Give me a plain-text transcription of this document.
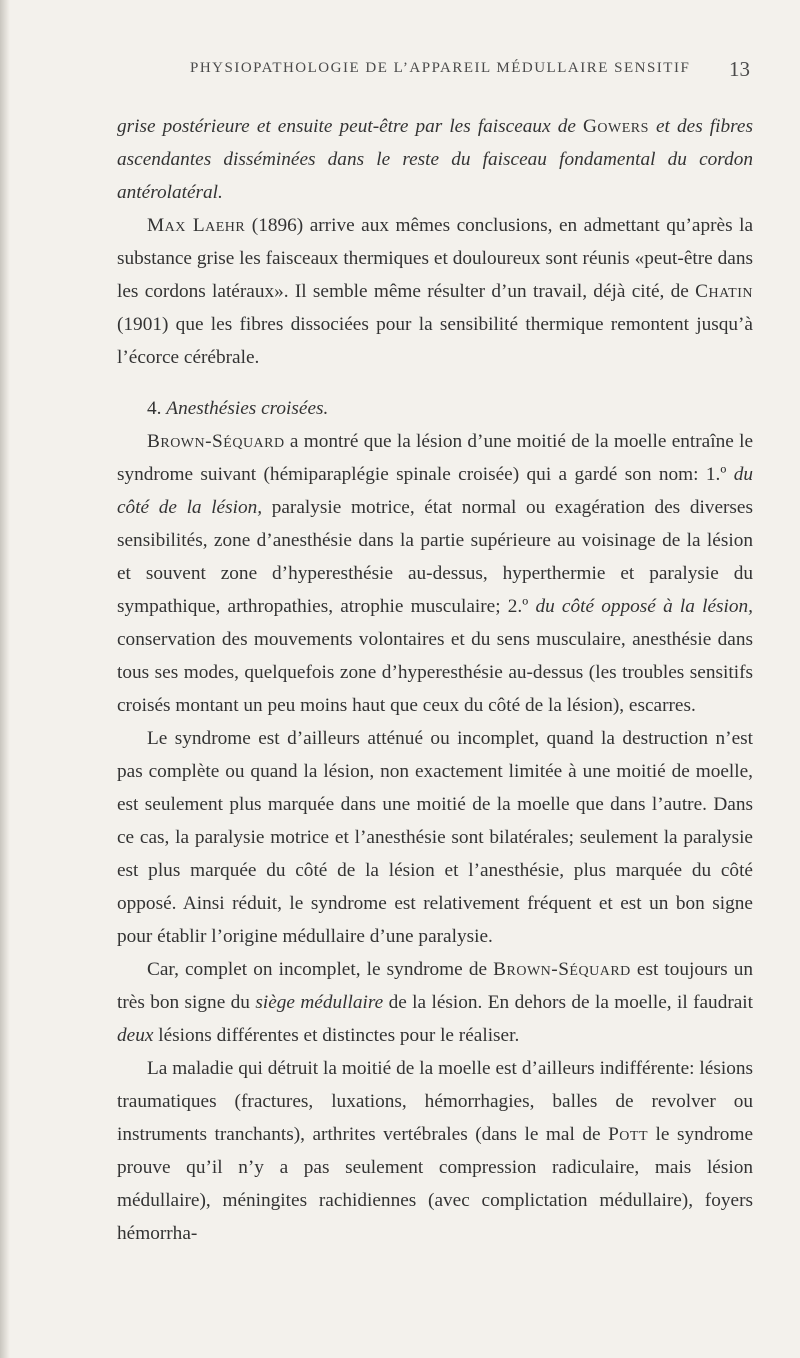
PHYSIOPATHOLOGIE DE L’APPAREIL MÉDULLAIRE SENSITIF 13

grise postérieure et ensuite peut-être par les faisceaux de Gowers et des fibres ascendantes disséminées dans le reste du faisceau fondamental du cordon antérolatéral.

Max Laehr (1896) arrive aux mêmes conclusions, en admettant qu’après la substance grise les faisceaux thermiques et douloureux sont réunis «peut-être dans les cordons latéraux». Il semble même résulter d’un travail, déjà cité, de Chatin (1901) que les fibres dissociées pour la sensibilité thermique remontent jusqu’à l’écorce cérébrale.

4. Anesthésies croisées.

Brown-Séquard a montré que la lésion d’une moitié de la moelle entraîne le syndrome suivant (hémiparaplégie spinale croisée) qui a gardé son nom: 1.º du côté de la lésion, paralysie motrice, état normal ou exagération des diverses sensibilités, zone d’anesthésie dans la partie supérieure au voisinage de la lésion et souvent zone d’hyperesthésie au-dessus, hyperthermie et paralysie du sympathique, arthropathies, atrophie musculaire; 2.º du côté opposé à la lésion, conservation des mouvements volontaires et du sens musculaire, anesthésie dans tous ses modes, quelquefois zone d’hyperesthésie au-dessus (les troubles sensitifs croisés montant un peu moins haut que ceux du côté de la lésion), escarres.

Le syndrome est d’ailleurs atténué ou incomplet, quand la destruction n’est pas complète ou quand la lésion, non exactement limitée à une moitié de moelle, est seulement plus marquée dans une moitié de la moelle que dans l’autre. Dans ce cas, la paralysie motrice et l’anesthésie sont bilatérales; seulement la paralysie est plus marquée du côté de la lésion et l’anesthésie, plus marquée du côté opposé. Ainsi réduit, le syndrome est relativement fréquent et est un bon signe pour établir l’origine médullaire d’une paralysie.

Car, complet on incomplet, le syndrome de Brown-Séquard est toujours un très bon signe du siège médullaire de la lésion. En dehors de la moelle, il faudrait deux lésions différentes et distinctes pour le réaliser.

La maladie qui détruit la moitié de la moelle est d’ailleurs indifférente: lésions traumatiques (fractures, luxations, hémorrhagies, balles de revolver ou instruments tranchants), arthrites vertébrales (dans le mal de Pott le syndrome prouve qu’il n’y a pas seulement compression radiculaire, mais lésion médullaire), méningites rachidiennes (avec complictation médullaire), foyers hémorrha-
